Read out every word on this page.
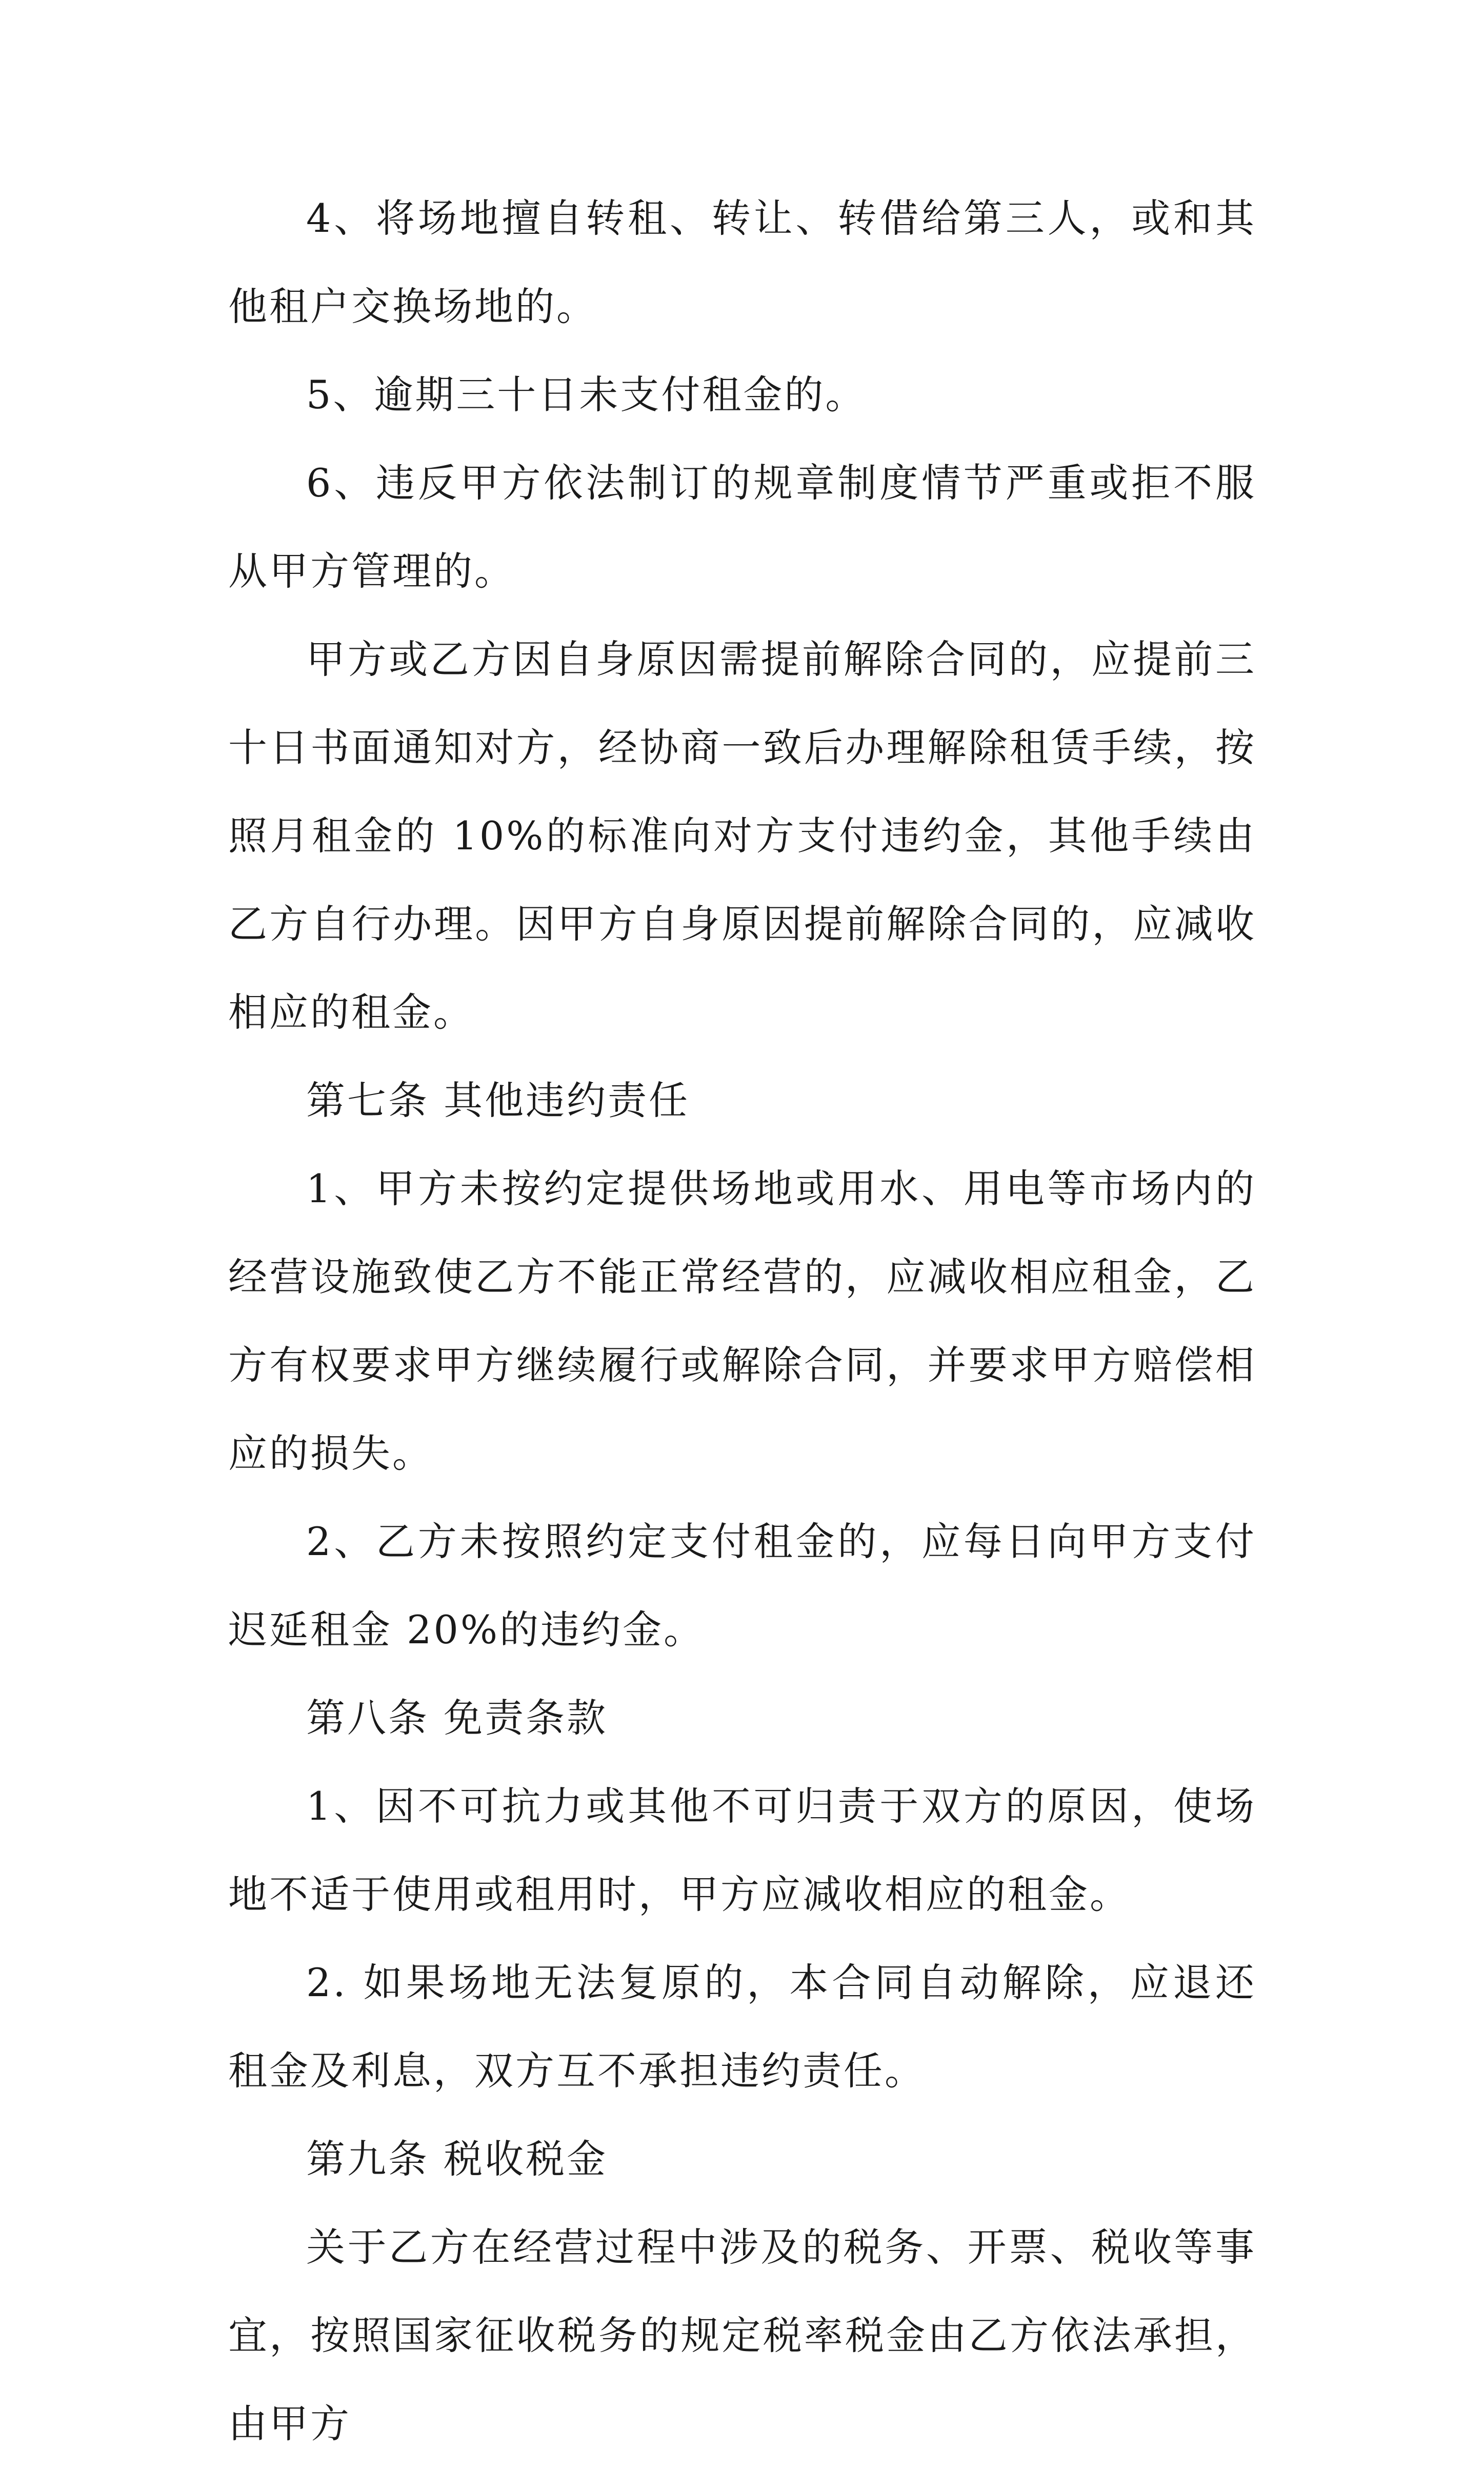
4、将场地擅自转租、转让、转借给第三人，或和其他租户交换场地的。

5、逾期三十日未支付租金的。

6、违反甲方依法制订的规章制度情节严重或拒不服从甲方管理的。

甲方或乙方因自身原因需提前解除合同的，应提前三十日书面通知对方，经协商一致后办理解除租赁手续，按照月租金的 10%的标准向对方支付违约金，其他手续由乙方自行办理。因甲方自身原因提前解除合同的，应减收相应的租金。

第七条 其他违约责任

1、甲方未按约定提供场地或用水、用电等市场内的经营设施致使乙方不能正常经营的，应减收相应租金，乙方有权要求甲方继续履行或解除合同，并要求甲方赔偿相应的损失。

2、乙方未按照约定支付租金的，应每日向甲方支付迟延租金 20%的违约金。

第八条 免责条款

1、因不可抗力或其他不可归责于双方的原因，使场地不适于使用或租用时，甲方应减收相应的租金。

2. 如果场地无法复原的，本合同自动解除，应退还租金及利息，双方互不承担违约责任。

第九条 税收税金

关于乙方在经营过程中涉及的税务、开票、税收等事宜，按照国家征收税务的规定税率税金由乙方依法承担，由甲方
